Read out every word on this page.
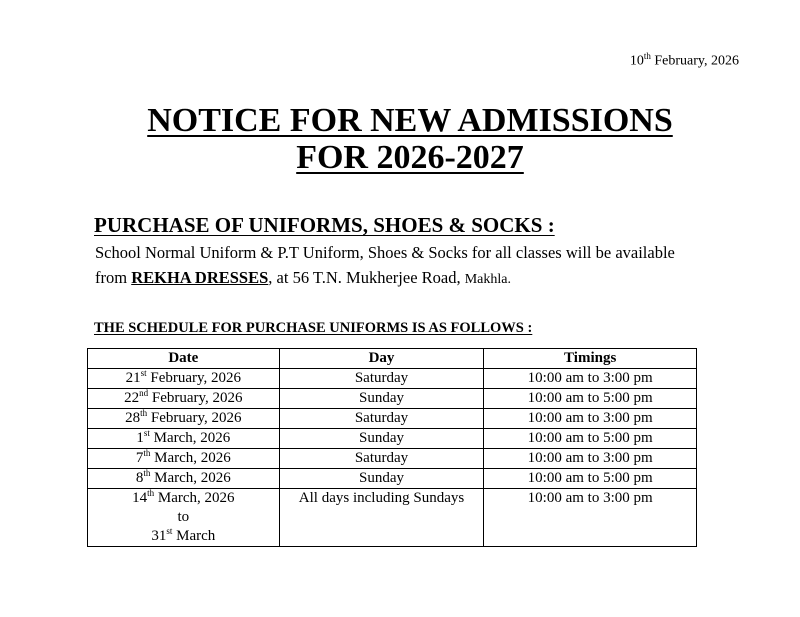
10th February, 2026
NOTICE FOR NEW ADMISSIONS
FOR 2026-2027
PURCHASE OF UNIFORMS, SHOES & SOCKS :
School Normal Uniform & P.T Uniform, Shoes & Socks for all classes will be available
from REKHA DRESSES, at 56 T.N. Mukherjee Road, Makhla.
THE SCHEDULE FOR PURCHASE UNIFORMS IS AS FOLLOWS :
Date	Day	Timings
21st February, 2026	Saturday	10:00 am to 3:00 pm
22nd February, 2026	Sunday	10:00 am to 5:00 pm
28th February, 2026	Saturday	10:00 am to 3:00 pm
1st March, 2026	Sunday	10:00 am to 5:00 pm
7th March, 2026	Saturday	10:00 am to 3:00 pm
8th March, 2026	Sunday	10:00 am to 5:00 pm

14th March, 2026
to
31st March	All days including Sundays	10:00 am to 3:00 pm
